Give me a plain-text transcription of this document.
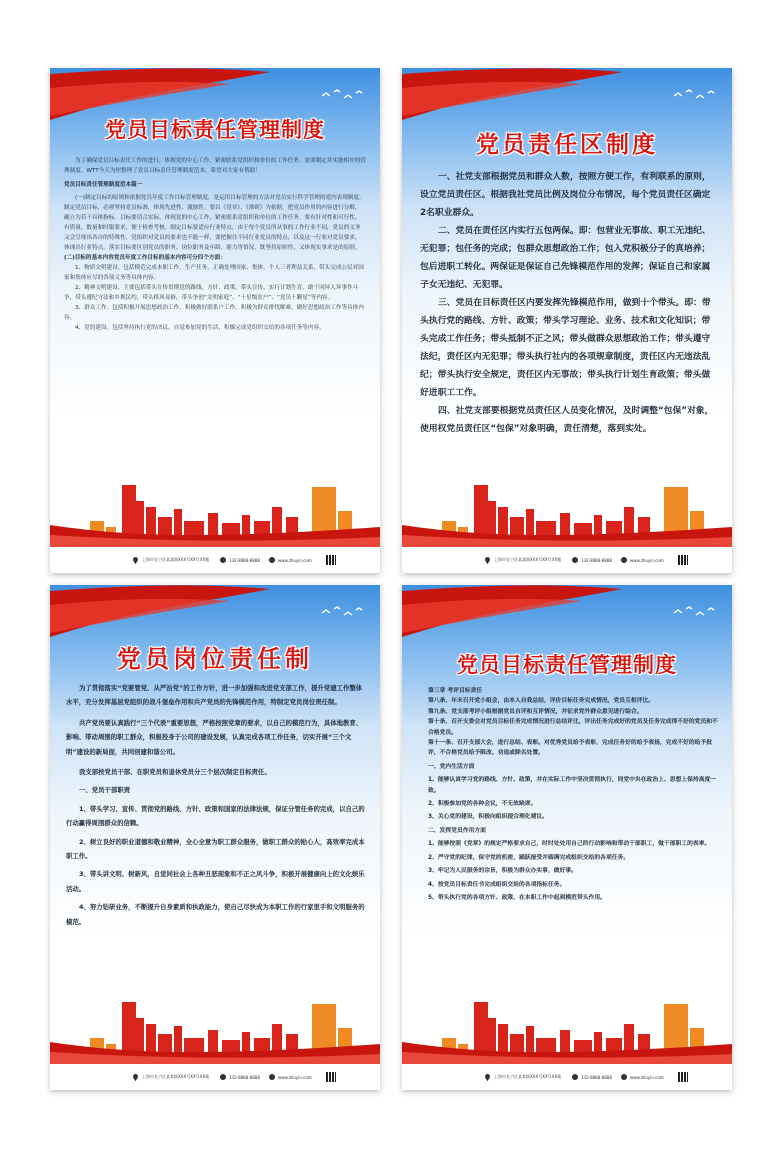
党员目标责任管理制度

为了确保党员目标责任工作的进行，体现党的中心工作，紧密联系党组织和单位的工作任务，需要制定并实施相应的管理制度。WTT今天为你整理了党员目标责任管理制度范本，希望对大家有帮助！

党员目标责任管理制度范本篇一

(一)制定目标的原则和依据党员年度工作目标管理制度，是运用目标管理的方法对党员实行科学管理的党内表现制度。制定党员目标，必须坚持党员标准，体现先进性、激励性。要以《党章》、《准则》为依据，把党员作用的内容进行分解，确立为若干具体指标。目标要切合实际，体现党的中心工作，紧密联系党组织和单位的工作任务。要有针对性和可行性，有质量、数量和时限要求，便于检查考核。制定目标要适应行业特点，由于每个党员所从事的工作行业不同，党员的义务又会呈现出各自的特殊性，党组织对党员的要求也不能一样，要把握住不同行业党员的特点，以及这一行业对党员要求，体现出行业特点。落实目标要区别党员的职务、岗位职务及年龄、能力等情况，既坚持原则性，又体现实事求是的原则。

(二)目标的基本内容党员年度工作目标的基本内容可分四个方面：

1、物质文明建设。包括模范完成本职工作、生产任务，正确处理国家、集体、个人三者利益关系，带头完成公民对国家和集体应尽的各项义务等具体内容。

2、精神文明建设。主要包括带头宣传贯彻党的路线、方针、政策，带头宣传、实行计划生育，敢于同坏人坏事作斗争，带头遵纪守法和乡规民约，带头移风易俗，带头争创“文明家庭”、“十星级农户”、“党员十颗星”等内容。

3、群众工作。包括积极开展思想政治工作，积极做好联系户工作，积极为群众排忧解难，做好思想政治工作等具体内容。

4、党的建设。包括坚持执行党的决议，自觉参加党的生活，积极完成党组织交给的各项任务等内容。

上海市长宁区某某路XXX号XX号XX楼	132-8888-8888	www.zhuyin.com
党员责任区制度

一、社党支部根据党员和群众人数，按照方便工作，有利联系的原则，设立党员责任区。根据我社党员比例及岗位分布情况，每个党员责任区确定2名职业群众。

二、党员在责任区内实行五包两保。即：包营业无事故、职工无违纪、无犯罪；包任务的完成；包群众思想政治工作；包入党积极分子的真培养；包后进职工转化。两保证是保证自己先锋模范作用的发挥；保证自己和家属子女无违纪、无犯罪。

三、党员在目标责任区内要发挥先锋模范作用，做到十个带头。即：带头执行党的路线、方针、政策；带头学习理论、业务、技术和文化知识；带头完成工作任务；带头抵制不正之风；带头做群众思想政治工作；带头遵守法纪，责任区内无犯罪；带头执行社内的各项规章制度，责任区内无违法乱纪；带头执行安全规定，责任区内无事故；带头执行计划生育政策；带头做好进职工工作。

四、社党支部要根据党员责任区人员变化情况，及时调整“包保”对象，使用权党员责任区“包保”对象明确，责任清楚，落到实处。

上海市长宁区某某路XXX号XX号XX楼	132-8888-8888	www.zhuyin.com
党员岗位责任制

为了贯彻落实“党要管党、从严治党”的工作方针，进一步加强和改进党支部工作，提升党建工作整体水平，充分发挥基层党组织的战斗堡垒作用和共产党员的先锋模范作用，特制定党员岗位责任制。

共产党员要认真践行“三个代表”重要思想，严格按照党章的要求，以自己的模范行为，具体地教育、影响、带动周围的职工群众，积极投身于公司的建设发展，认真完成各项工作任务，切实开展“三个文明”建设的新局面，共同创建和谐公司。

我支部按党员干部、在职党员和退休党员分三个层次制定目标责任。

一、党员干部职责

1、带头学习、宣传、贯彻党的路线、方针、政策和国家的法律法规，保证分管任务的完成，以自己的行动赢得周围群众的信赖。

2、树立良好的职业道德和敬业精神，全心全意为职工群众服务，做职工群众的贴心人，高效率完成本职工作。

3、带头讲文明、树新风，自觉同社会上各种丑恶现象和不正之风斗争，积极开展健康向上的文化娱乐活动。

4、努力钻研业务，不断提升自身素质和执政能力，使自己尽快成为本职工作的行家里手和文明服务的模范。

上海市长宁区某某路XXX号XX号XX楼	132-8888-8888	www.zhuyin.com
党员目标责任管理制度

第三章 考评目标责任

第八条、年末召开党小组会，由本人自我总结，评价目标任务完成情况，党员互相评比。

第九条、党支部考评小组根据党员自评和互评情况，并征求党外群众意见进行综合。

第十条、召开支委会对党员目标任务完成情况进行总结评比，评出任务完成好的党员及任务完成得不好的党员和不合格党员。

第十一条、召开支部大会，进行总结、表彰。对优秀党员给予表彰，完成任务好的给予表扬，完成不好的给予批评，不合格党员给予限改、劝退或除名处置。

一、党内生活方面

1、能够认真学习党的路线、方针、政策，并在实际工作中坚决贯彻执行，同党中央在政治上、思想上保持高度一致。

2、积极参加党的各种会议，不无故缺席。

3、关心党的建设，积极向组织提合理化建议。

二、发挥党员作用方面

1、能够按照《党章》的规定严格要求自己，时时处处用自己的行动影响和带动干部职工，做干部职工的表率。

2、严守党的纪律，保守党的机密，踊跃接受并圆满完成组织交给的各项任务。

3、牢记为人民服务的宗旨，积极为群众办实事，做好事。

4、按党员目标责任书完成组织交给的各项指标任务。

5、带头执行党的各项方针、政策，在本职工作中起到模范带头作用。

上海市长宁区某某路XXX号XX号XX楼	132-8888-8888	www.zhuyin.com
